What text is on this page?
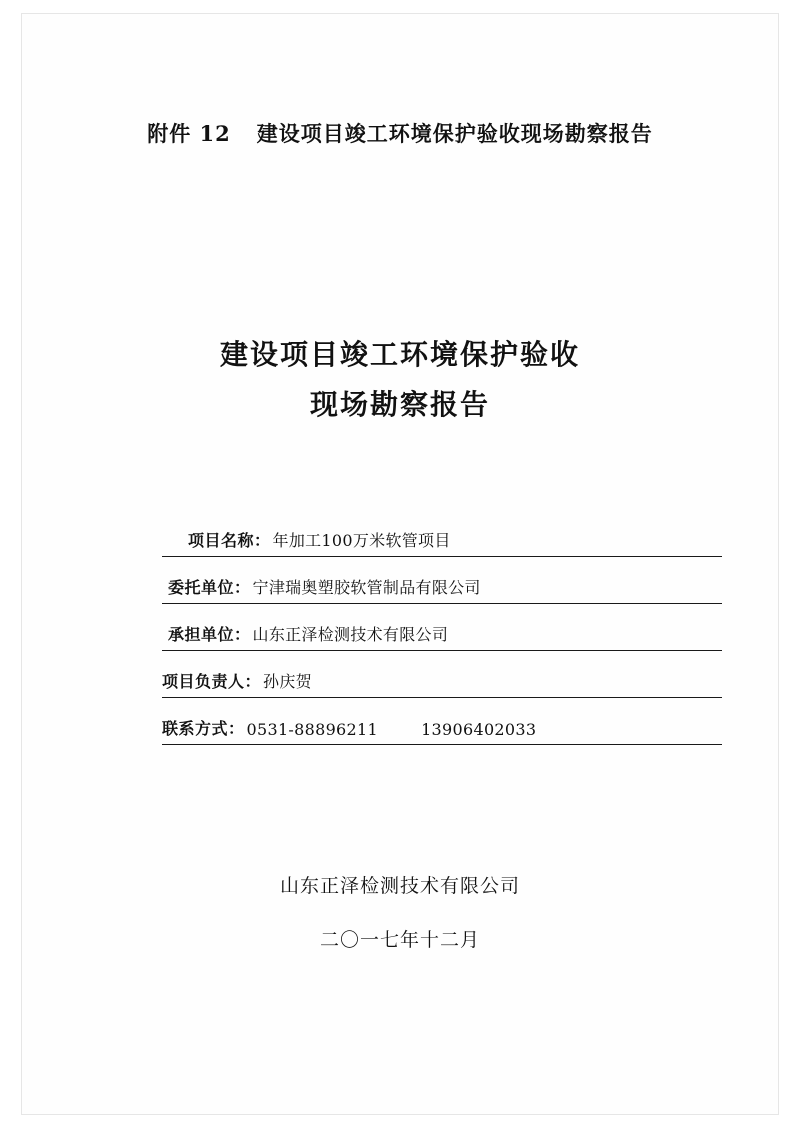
附件 12 建设项目竣工环境保护验收现场勘察报告
建设项目竣工环境保护验收
现场勘察报告
项目名称： 年加工100万米软管项目
委托单位： 宁津瑞奥塑胶软管制品有限公司
承担单位： 山东正泽检测技术有限公司
项目负责人： 孙庆贺
联系方式： 0531-88896211        13906402033
山东正泽检测技术有限公司
二〇一七年十二月
